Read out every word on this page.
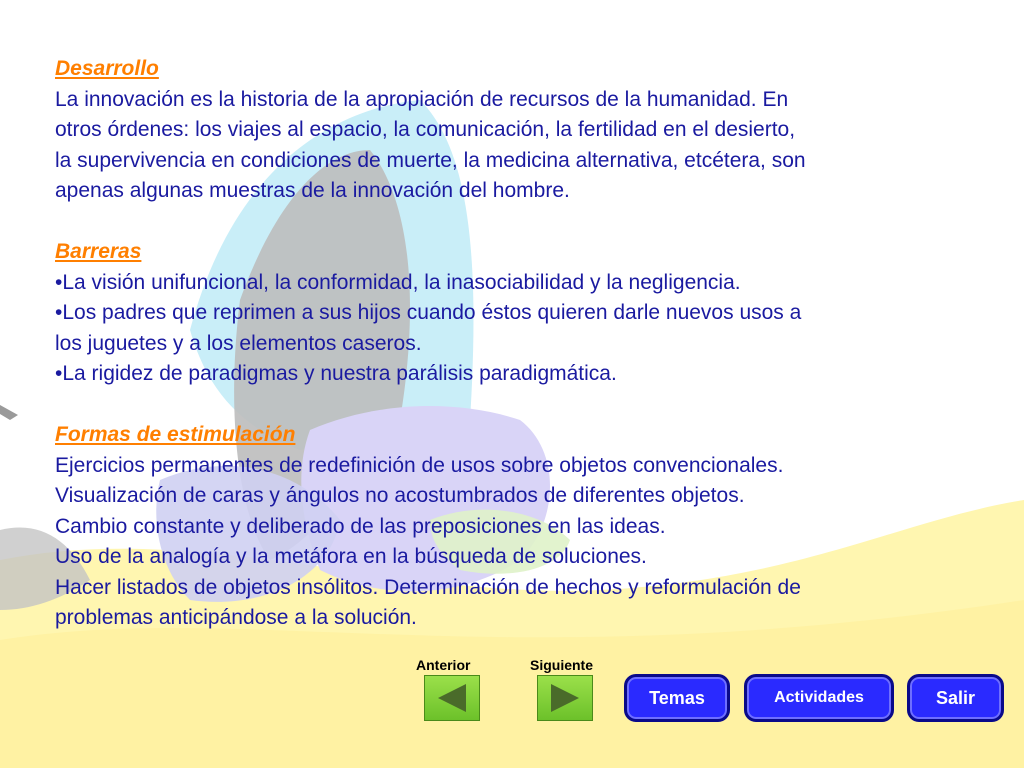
Desarrollo

La innovación es la historia de la apropiación de recursos de la humanidad. En

otros órdenes: los viajes al espacio, la comunicación, la fertilidad en el desierto,

la supervivencia en condiciones de muerte, la medicina alternativa, etcétera, son

apenas algunas muestras de la innovación del hombre.

Barreras

•La visión unifuncional, la conformidad, la inasociabilidad y la negligencia.

•Los padres que reprimen a sus hijos cuando éstos quieren darle nuevos usos a

los juguetes y a los elementos caseros.

•La rigidez de paradigmas y nuestra parálisis paradigmática.

Formas de estimulación

Ejercicios permanentes de redefinición de usos sobre objetos convencionales.

Visualización de caras y ángulos no acostumbrados de diferentes objetos.

Cambio constante y deliberado de las preposiciones en las ideas.

Uso de la analogía y la metáfora en la búsqueda de soluciones.

Hacer listados de objetos insólitos. Determinación de hechos y reformulación de

problemas anticipándose a la solución.

Anterior	Siguiente
Temas	Actividades	Salir
